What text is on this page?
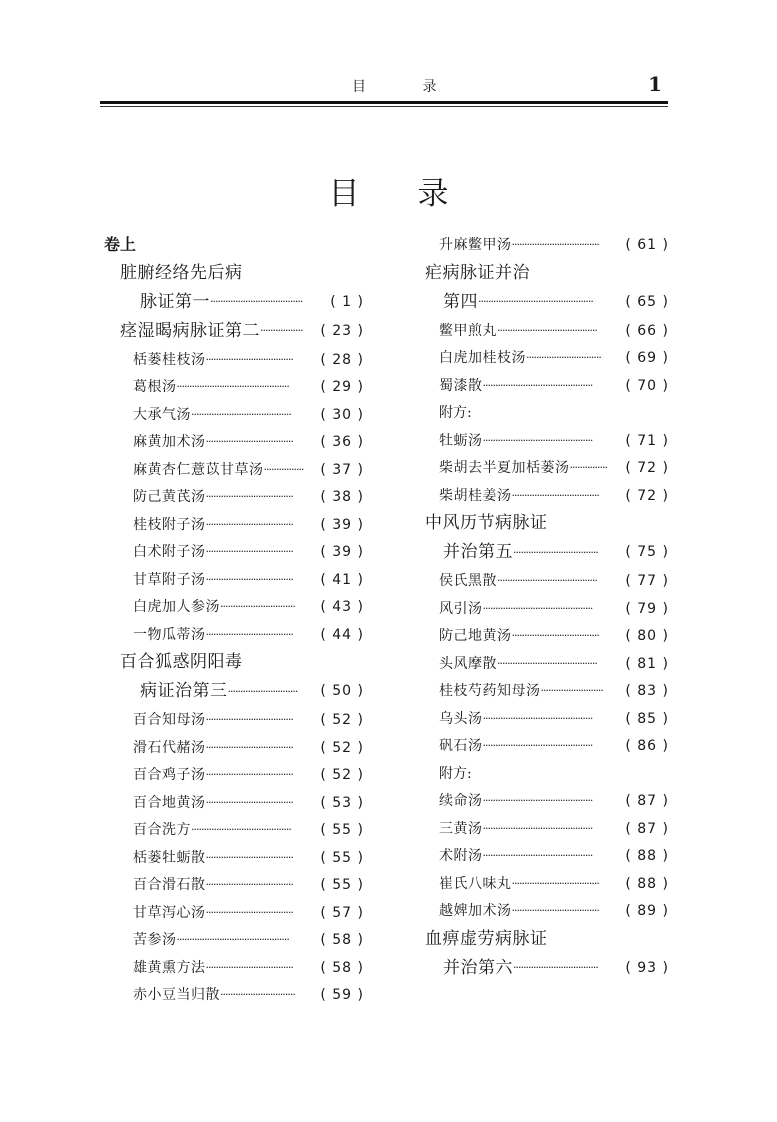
目 录	1
目录
卷上
脏腑经络先后病
( 1 )
脉证第一·····································
( 23 )
痉湿暍病脉证第二·················
( 28 )
栝蒌桂枝汤···································
( 29 )
葛根汤·············································
( 30 )
大承气汤········································
( 36 )
麻黄加术汤···································
( 37 )
麻黄杏仁薏苡甘草汤················
( 38 )
防己黄芪汤···································
( 39 )
桂枝附子汤···································
( 39 )
白术附子汤···································
( 41 )
甘草附子汤···································
( 43 )
白虎加人参汤······························
( 44 )
一物瓜蒂汤···································
百合狐惑阴阳毒
( 50 )
病证治第三····························
( 52 )
百合知母汤···································
( 52 )
滑石代赭汤···································
( 52 )
百合鸡子汤···································
( 53 )
百合地黄汤···································
( 55 )
百合洗方········································
( 55 )
栝蒌牡蛎散···································
( 55 )
百合滑石散···································
( 57 )
甘草泻心汤···································
( 58 )
苦参汤·············································
( 58 )
雄黄熏方法···································
( 59 )
赤小豆当归散······························
( 61 )
升麻鳖甲汤···································
疟病脉证并治
( 65 )
第四··············································
( 66 )
鳖甲煎丸········································
( 69 )
白虎加桂枝汤······························
( 70 )
蜀漆散············································
附方:
( 71 )
牡蛎汤············································
( 72 )
柴胡去半夏加栝蒌汤···············
( 72 )
柴胡桂姜汤···································
中风历节病脉证
( 75 )
并治第五··································
( 77 )
侯氏黑散········································
( 79 )
风引汤············································
( 80 )
防己地黄汤···································
( 81 )
头风摩散········································
( 83 )
桂枝芍药知母汤·························
( 85 )
乌头汤············································
( 86 )
矾石汤············································
附方:
( 87 )
续命汤············································
( 87 )
三黄汤············································
( 88 )
术附汤············································
( 88 )
崔氏八味丸···································
( 89 )
越婢加术汤···································
血痹虚劳病脉证
( 93 )
并治第六··································
